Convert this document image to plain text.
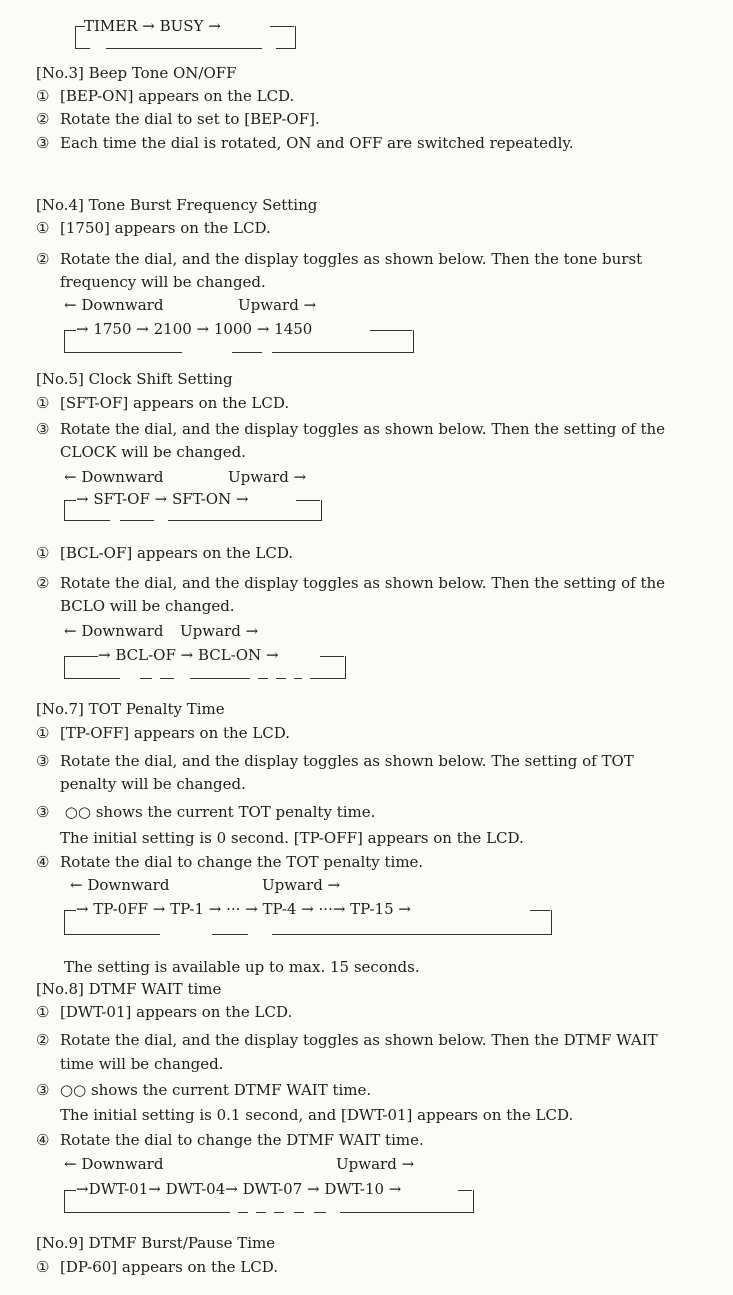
TIMER → BUSY →
[No.3] Beep Tone ON/OFF
① [BEP-ON] appears on the LCD.
② Rotate the dial to set to [BEP-OF].
③ Each time the dial is rotated, ON and OFF are switched repeatedly.
[No.4] Tone Burst Frequency Setting
① [1750] appears on the LCD.
② Rotate the dial, and the display toggles as shown below. Then the tone burst
frequency will be changed.
← Downward	Upward →
→ 1750 → 2100 → 1000 → 1450
[No.5] Clock Shift Setting
① [SFT-OF] appears on the LCD.
③ Rotate the dial, and the display toggles as shown below. Then the setting of the
CLOCK will be changed.
← Downward	Upward →
→ SFT-OF → SFT-ON →
① [BCL-OF] appears on the LCD.
② Rotate the dial, and the display toggles as shown below. Then the setting of the
BCLO will be changed.
← Downward Upward →
→ BCL-OF → BCL-ON →
[No.7] TOT Penalty Time
① [TP-OFF] appears on the LCD.
③ Rotate the dial, and the display toggles as shown below. The setting of TOT
penalty will be changed.
③ ○○ shows the current TOT penalty time.
The initial setting is 0 second. [TP-OFF] appears on the LCD.
④ Rotate the dial to change the TOT penalty time.
← Downward	Upward →
→ TP-0FF → TP-1 → ··· → TP-4 → ···→ TP-15 →
The setting is available up to max. 15 seconds.
[No.8] DTMF WAIT time
① [DWT-01] appears on the LCD.
② Rotate the dial, and the display toggles as shown below. Then the DTMF WAIT
time will be changed.
③ ○○ shows the current DTMF WAIT time.
The initial setting is 0.1 second, and [DWT-01] appears on the LCD.
④ Rotate the dial to change the DTMF WAIT time.
← Downward	Upward →
→DWT-01→ DWT-04→ DWT-07 → DWT-10 →
[No.9] DTMF Burst/Pause Time
① [DP-60] appears on the LCD.
